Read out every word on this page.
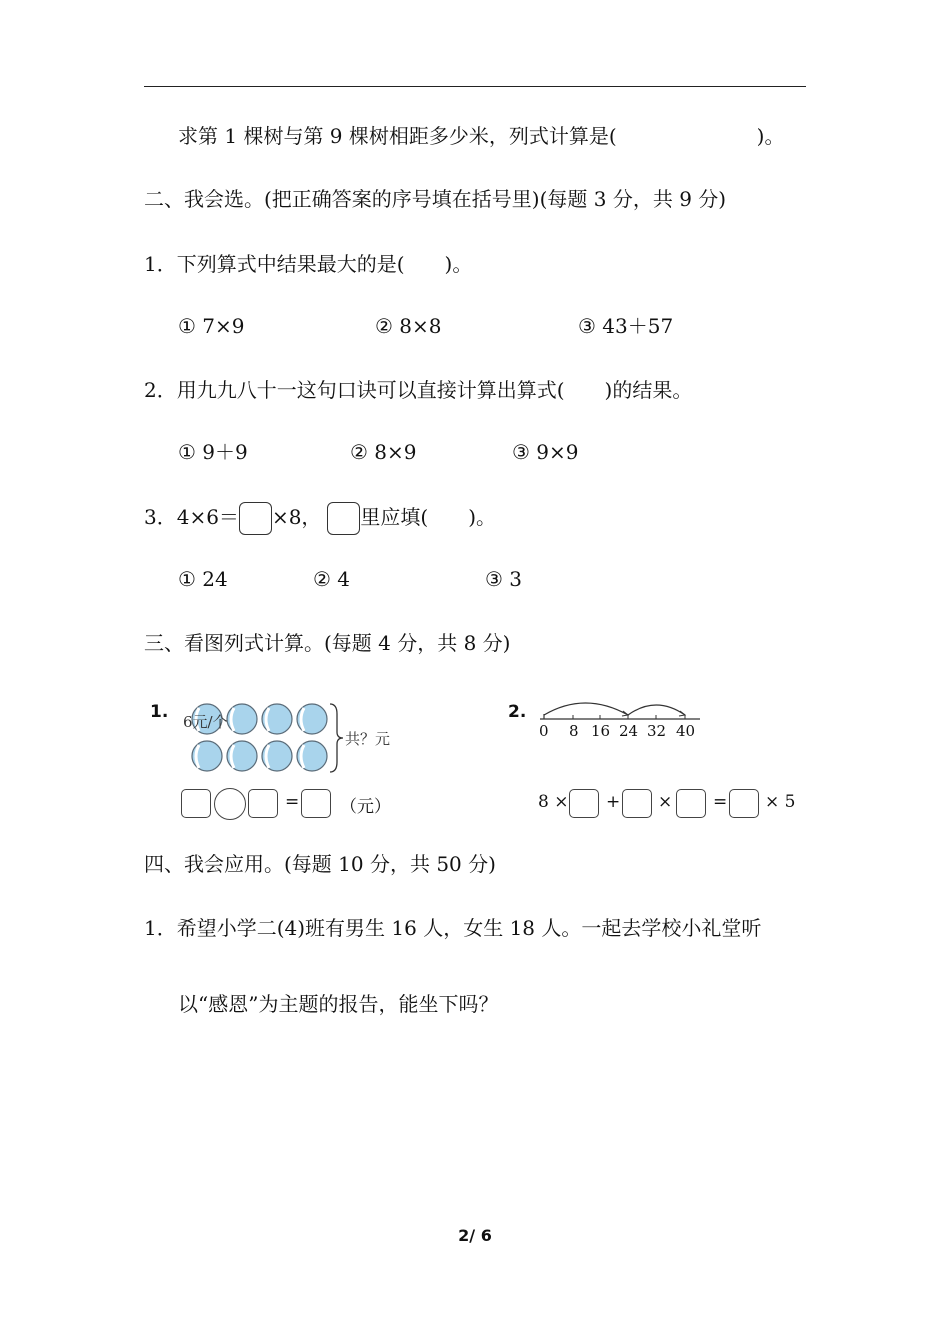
求第 1 棵树与第 9 棵树相距多少米，列式计算是(　　　　　　　)。
二、我会选。(把正确答案的序号填在括号里)(每题 3 分，共 9 分)
1．下列算式中结果最大的是(　　)。
① 7×9	② 8×8	③ 43＋57
2．用九九八十一这句口诀可以直接计算出算式(　　)的结果。
① 9＋9	② 8×9	③ 9×9
3．4×6＝ ×8， 里应填(　　)。
① 24	② 4	③ 3
三、看图列式计算。(每题 4 分，共 8 分)
1. 6元/个
共？元
= （元）
2.
0 8 16 24 32 40
8 × + × = × 5
四、我会应用。(每题 10 分，共 50 分)
1．希望小学二(4)班有男生 16 人，女生 18 人。一起去学校小礼堂听
以“感恩”为主题的报告，能坐下吗？
2/ 6
